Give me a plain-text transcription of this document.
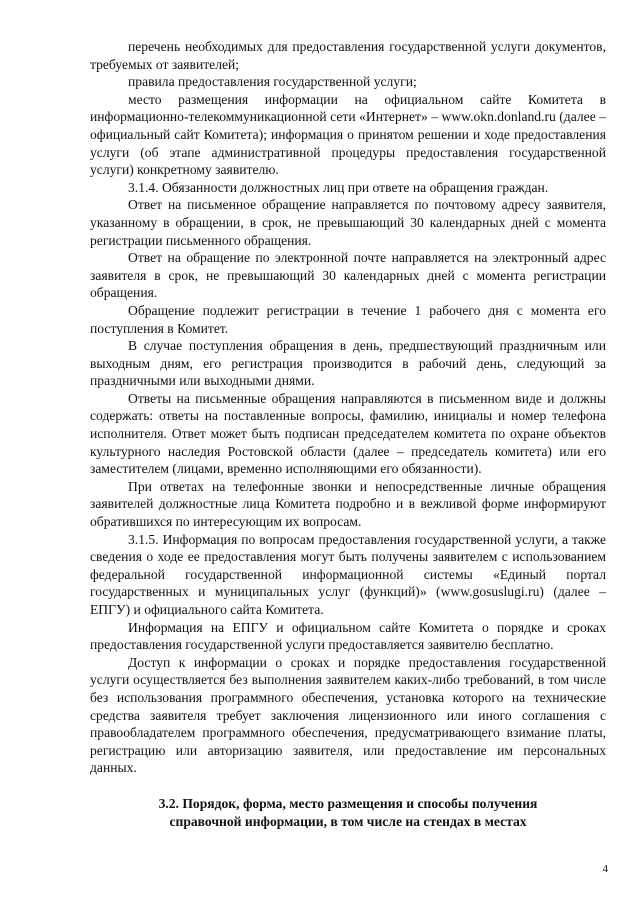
перечень необходимых для предоставления государственной услуги документов, требуемых от заявителей;

правила предоставления государственной услуги;

место размещения информации на официальном сайте Комитета в информационно-телекоммуникационной сети «Интернет» – www.okn.donland.ru (далее – официальный сайт Комитета); информация о принятом решении и ходе предоставления услуги (об этапе административной процедуры предоставления государственной услуги) конкретному заявителю.

3.1.4. Обязанности должностных лиц при ответе на обращения граждан.

Ответ на письменное обращение направляется по почтовому адресу заявителя, указанному в обращении, в срок, не превышающий 30 календарных дней с момента регистрации письменного обращения.

Ответ на обращение по электронной почте направляется на электронный адрес заявителя в срок, не превышающий 30 календарных дней с момента регистрации обращения.

Обращение подлежит регистрации в течение 1 рабочего дня с момента его поступления в Комитет.

В случае поступления обращения в день, предшествующий праздничным или выходным дням, его регистрация производится в рабочий день, следующий за праздничными или выходными днями.

Ответы на письменные обращения направляются в письменном виде и должны содержать: ответы на поставленные вопросы, фамилию, инициалы и номер телефона исполнителя. Ответ может быть подписан председателем комитета по охране объектов культурного наследия Ростовской области (далее – председатель комитета) или его заместителем (лицами, временно исполняющими его обязанности).

При ответах на телефонные звонки и непосредственные личные обращения заявителей должностные лица Комитета подробно и в вежливой форме информируют обратившихся по интересующим их вопросам.

3.1.5. Информация по вопросам предоставления государственной услуги, а также сведения о ходе ее предоставления могут быть получены заявителем с использованием федеральной государственной информационной системы «Единый портал государственных и муниципальных услуг (функций)» (www.gosuslugi.ru) (далее – ЕПГУ) и официального сайта Комитета.

Информация на ЕПГУ и официальном сайте Комитета о порядке и сроках предоставления государственной услуги предоставляется заявителю бесплатно.

Доступ к информации о сроках и порядке предоставления государственной услуги осуществляется без выполнения заявителем каких-либо требований, в том числе без использования программного обеспечения, установка которого на технические средства заявителя требует заключения лицензионного или иного соглашения с правообладателем программного обеспечения, предусматривающего взимание платы, регистрацию или авторизацию заявителя, или предоставление им персональных данных.

3.2. Порядок, форма, место размещения и способы получения
справочной информации, в том числе на стендах в местах
4
